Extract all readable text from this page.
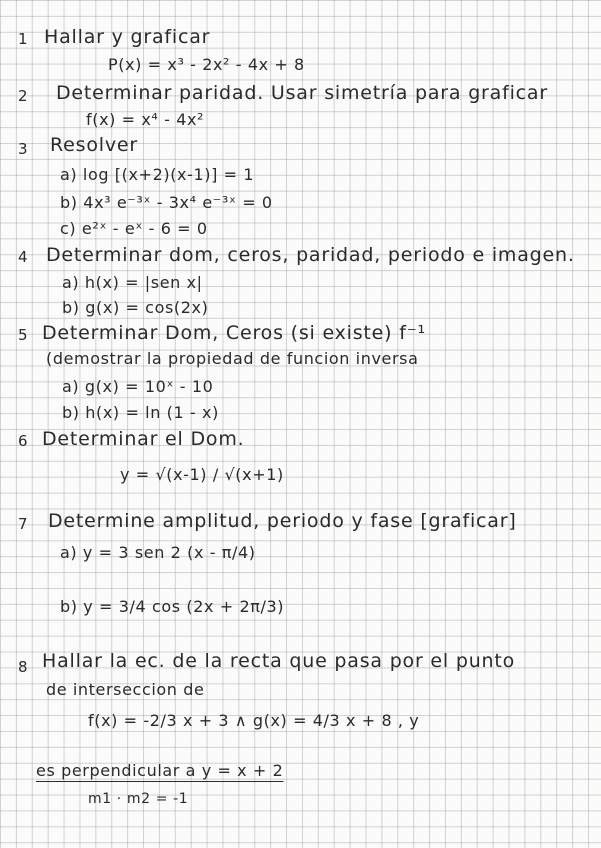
1 Hallar y graficar
P(x) = x³ - 2x² - 4x + 8
2 Determinar paridad. Usar simetría para graficar
f(x) = x⁴ - 4x²
3 Resolver
a) log [(x+2)(x-1)] = 1
b) 4x³ e⁻³ˣ - 3x⁴ e⁻³ˣ = 0
c) e²ˣ - eˣ - 6 = 0
4 Determinar dom, ceros, paridad, periodo e imagen.
a) h(x) = |sen x|
b) g(x) = cos(2x)
5 Determinar Dom, Ceros (si existe) f⁻¹
(demostrar la propiedad de funcion inversa
a) g(x) = 10ˣ - 10
b) h(x) = ln (1 - x)
6 Determinar el Dom.
y = √(x-1) / √(x+1)
7 Determine amplitud, periodo y fase [graficar]
a) y = 3 sen 2 (x - π/4)
b) y = 3/4 cos (2x + 2π/3)
8 Hallar la ec. de la recta que pasa por el punto
de interseccion de
f(x) = -2/3 x + 3 ∧ g(x) = 4/3 x + 8 , y
es perpendicular a y = x + 2
m1 · m2 = -1
